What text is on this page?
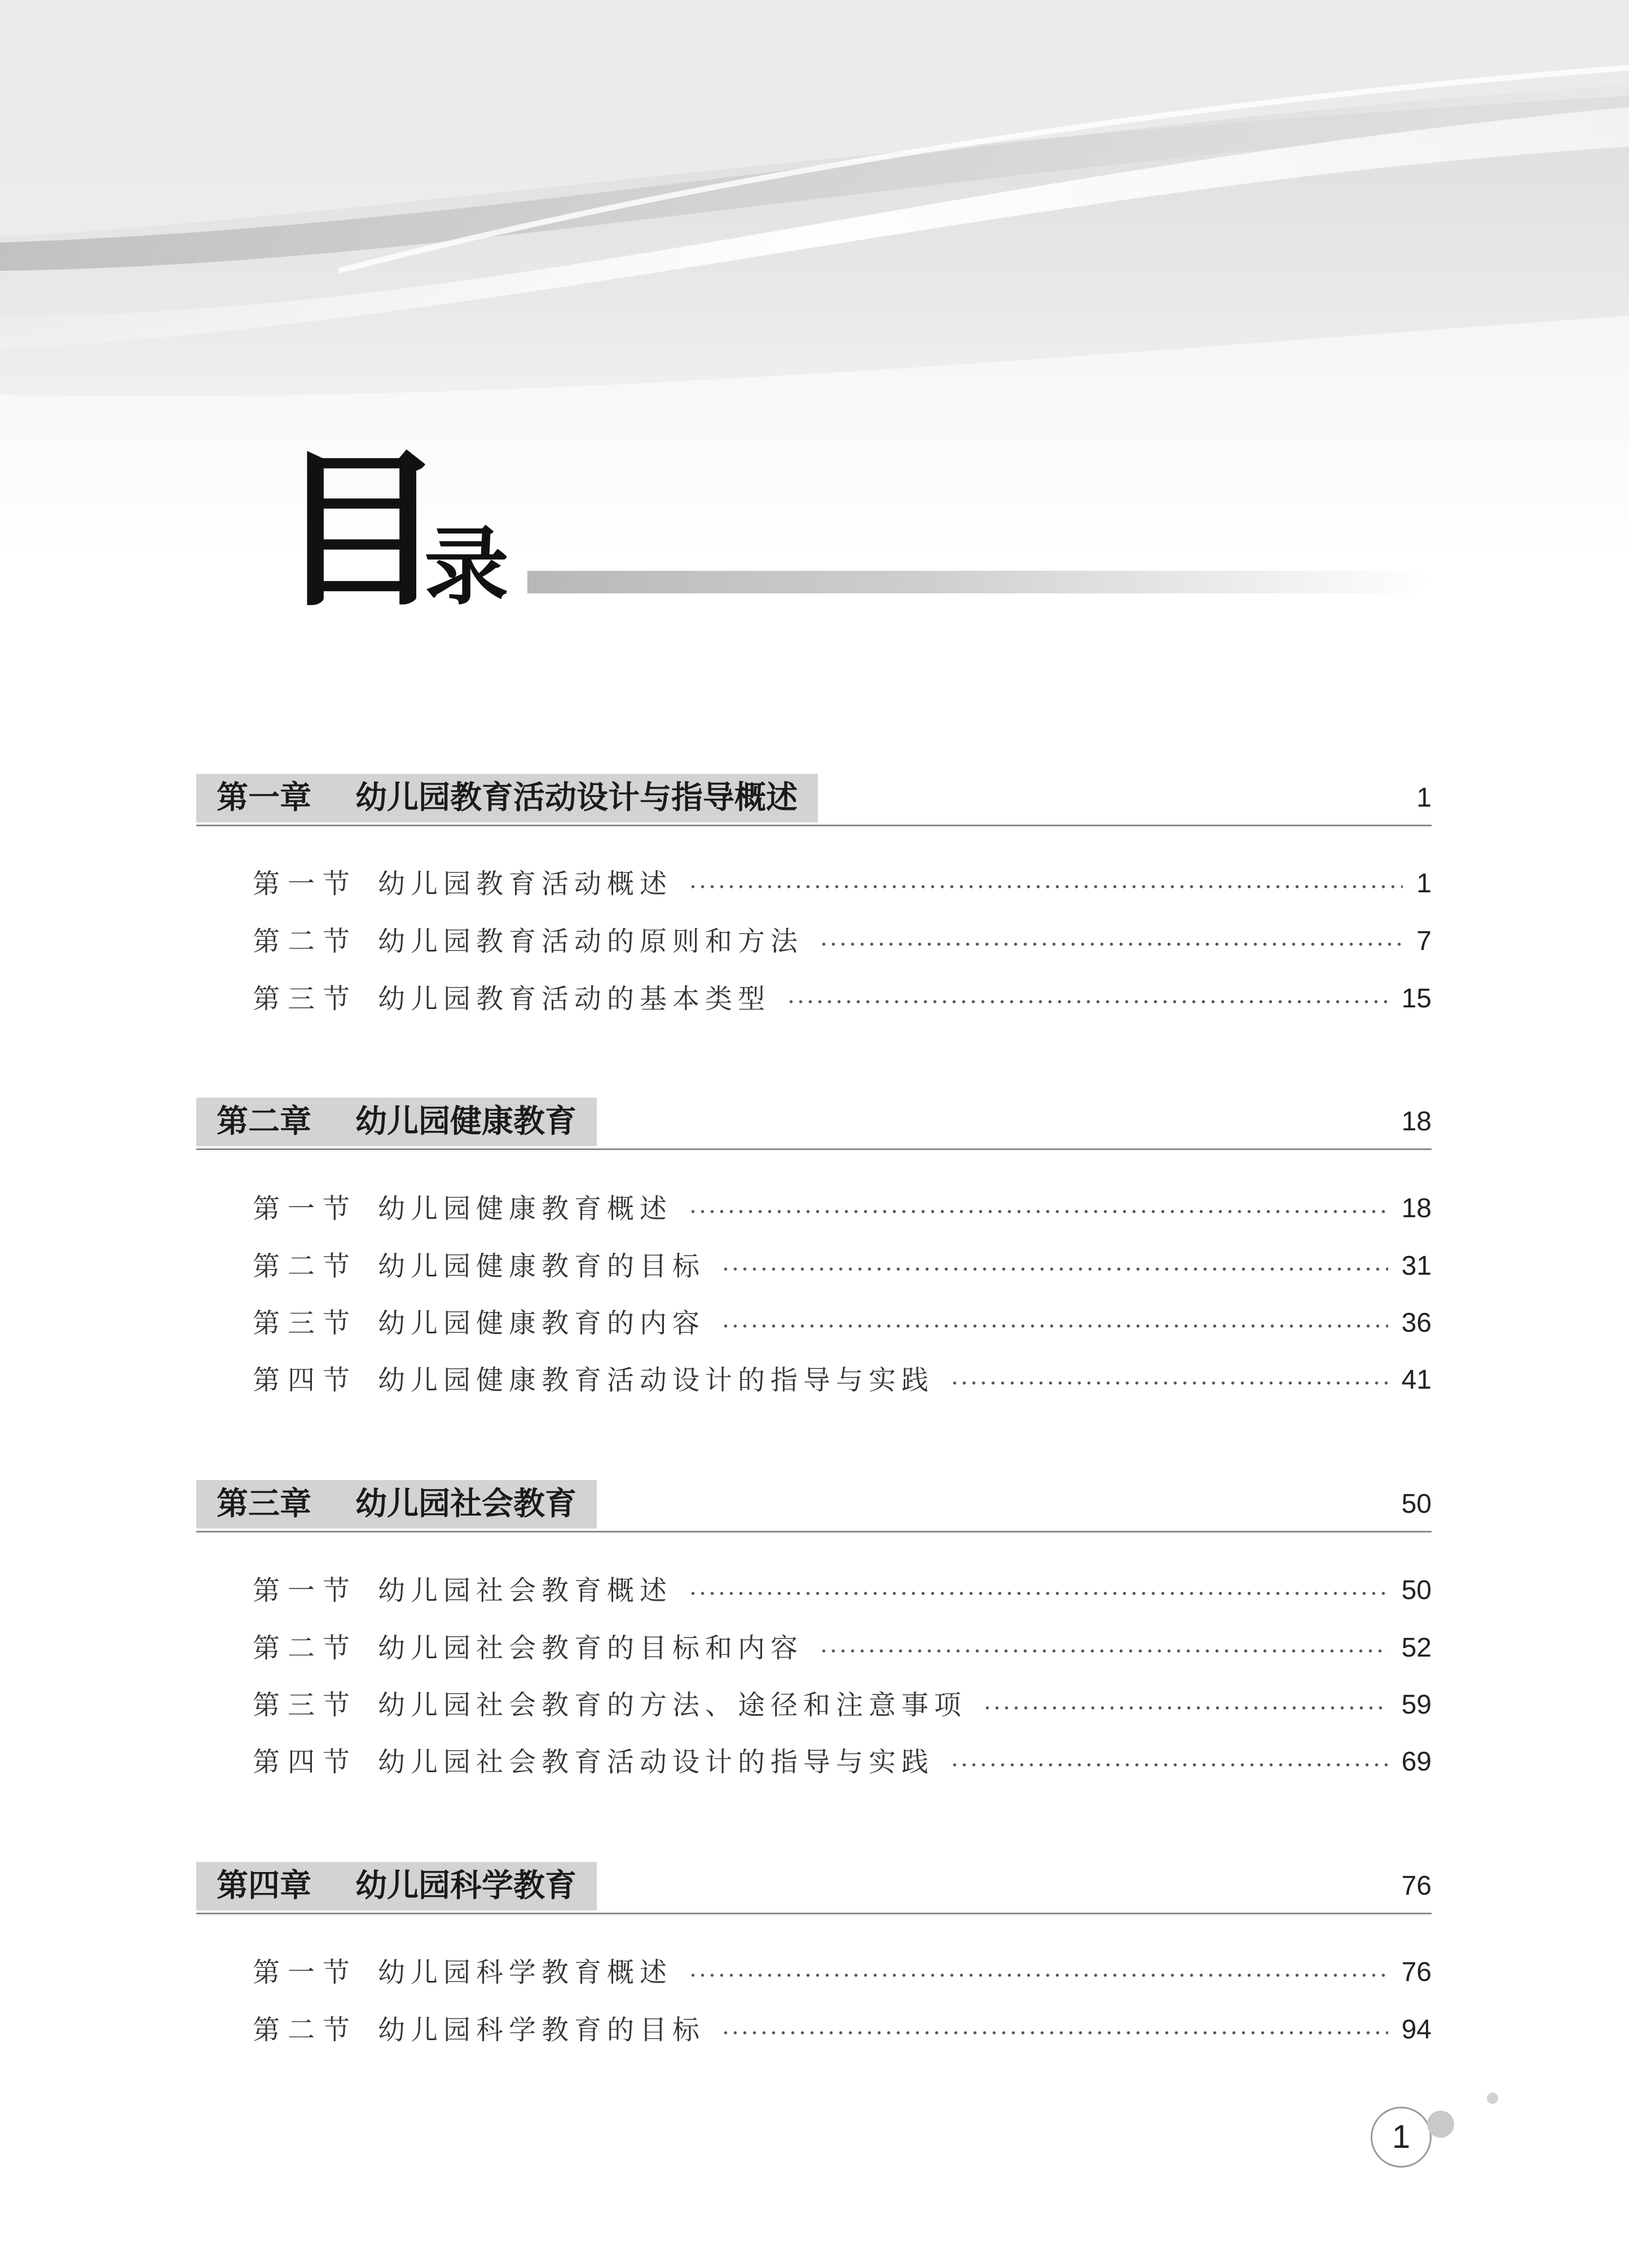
目
录
第一章    幼儿园教育活动设计与指导概述	1
第一节 幼儿园教育活动概述	1
第二节 幼儿园教育活动的原则和方法	7
第三节 幼儿园教育活动的基本类型	15
第二章    幼儿园健康教育	18
第一节 幼儿园健康教育概述	18
第二节 幼儿园健康教育的目标	31
第三节 幼儿园健康教育的内容	36
第四节 幼儿园健康教育活动设计的指导与实践	41
第三章    幼儿园社会教育	50
第一节 幼儿园社会教育概述	50
第二节 幼儿园社会教育的目标和内容	52
第三节 幼儿园社会教育的方法、途径和注意事项	59
第四节 幼儿园社会教育活动设计的指导与实践	69
第四章    幼儿园科学教育	76
第一节 幼儿园科学教育概述	76
第二节 幼儿园科学教育的目标	94
1
